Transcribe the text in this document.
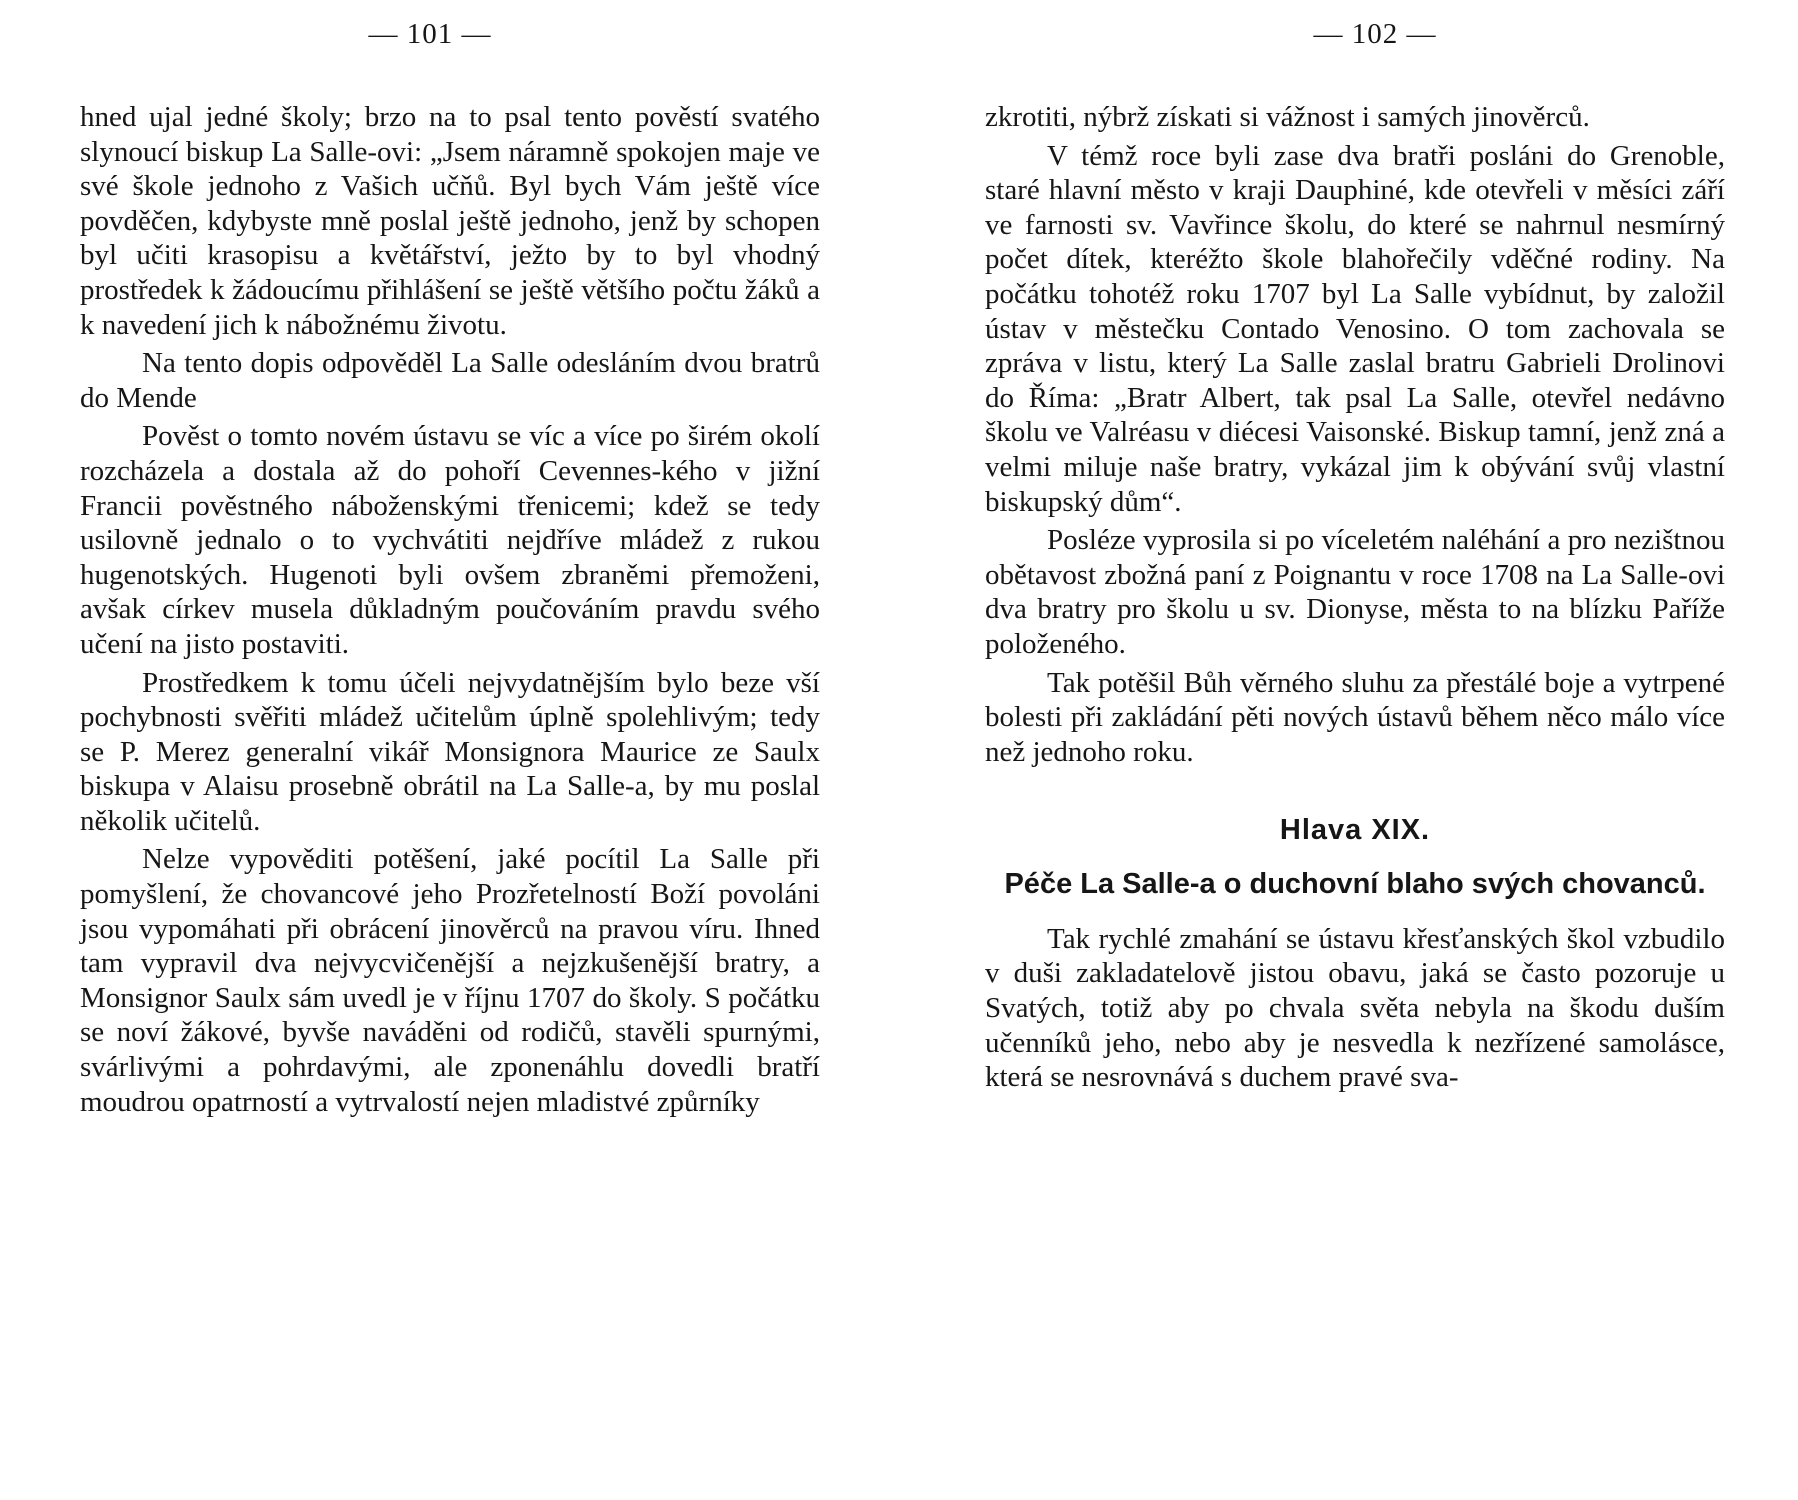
— 101 —

hned ujal jedné školy; brzo na to psal tento pověstí svatého slynoucí biskup La Salle-ovi: „Jsem náramně spokojen maje ve své škole jednoho z Vašich učňů. Byl bych Vám ještě více povděčen, kdybyste mně poslal ještě jednoho, jenž by schopen byl učiti krasopisu a květářství, ježto by to byl vhodný prostředek k žádoucímu přihlášení se ještě většího počtu žáků a k navedení jich k nábožnému životu.

Na tento dopis odpověděl La Salle odesláním dvou bratrů do Mende

Pověst o tomto novém ústavu se víc a více po širém okolí rozcházela a dostala až do pohoří Cevennes-kého v jižní Francii pověstného náboženskými třenicemi; kdež se tedy usilovně jednalo o to vychvátiti nejdříve mládež z rukou hugenotských. Hugenoti byli ovšem zbraněmi přemoženi, avšak církev musela důkladným poučováním pravdu svého učení na jisto postaviti.

Prostředkem k tomu účeli nejvydatnějším bylo beze vší pochybnosti svěřiti mládež učitelům úplně spolehlivým; tedy se P. Merez generalní vikář Monsignora Maurice ze Saulx biskupa v Alaisu prosebně obrátil na La Salle-a, by mu poslal několik učitelů.

Nelze vypověditi potěšení, jaké pocítil La Salle při pomyšlení, že chovancové jeho Prozřetelností Boží povoláni jsou vypomáhati při obrácení jinověrců na pravou víru. Ihned tam vypravil dva nejvycvičenější a nejzkušenější bratry, a Monsignor Saulx sám uvedl je v říjnu 1707 do školy. S počátku se noví žákové, byvše naváděni od rodičů, stavěli spurnými, svárlivými a pohrdavými, ale zponenáhlu dovedli bratří moudrou opatrností a vytrvalostí nejen mladistvé způrníky

— 102 —

zkrotiti, nýbrž získati si vážnost i samých jinověrců.

V témž roce byli zase dva bratři posláni do Grenoble, staré hlavní město v kraji Dauphiné, kde otevřeli v měsíci září ve farnosti sv. Vavřince školu, do které se nahrnul nesmírný počet dítek, kteréžto škole blahořečily vděčné rodiny. Na počátku tohotéž roku 1707 byl La Salle vybídnut, by založil ústav v městečku Contado Venosino. O tom zachovala se zpráva v listu, který La Salle zaslal bratru Gabrieli Drolinovi do Říma: „Bratr Albert, tak psal La Salle, otevřel nedávno školu ve Valréasu v diécesi Vaisonské. Biskup tamní, jenž zná a velmi miluje naše bratry, vykázal jim k obývání svůj vlastní biskupský dům“.

Posléze vyprosila si po víceletém naléhání a pro nezištnou obětavost zbožná paní z Poignantu v roce 1708 na La Salle-ovi dva bratry pro školu u sv. Dionyse, města to na blízku Paříže položeného.

Tak potěšil Bůh věrného sluhu za přestálé boje a vytrpené bolesti při zakládání pěti nových ústavů během něco málo více než jednoho roku.

Hlava XIX.

Péče La Salle-a o duchovní blaho svých chovanců.

Tak rychlé zmahání se ústavu křesťanských škol vzbudilo v duši zakladatelově jistou obavu, jaká se často pozoruje u Svatých, totiž aby po chvala světa nebyla na škodu duším učenníků jeho, nebo aby je nesvedla k nezřízené samolásce, která se nesrovnává s duchem pravé sva-
